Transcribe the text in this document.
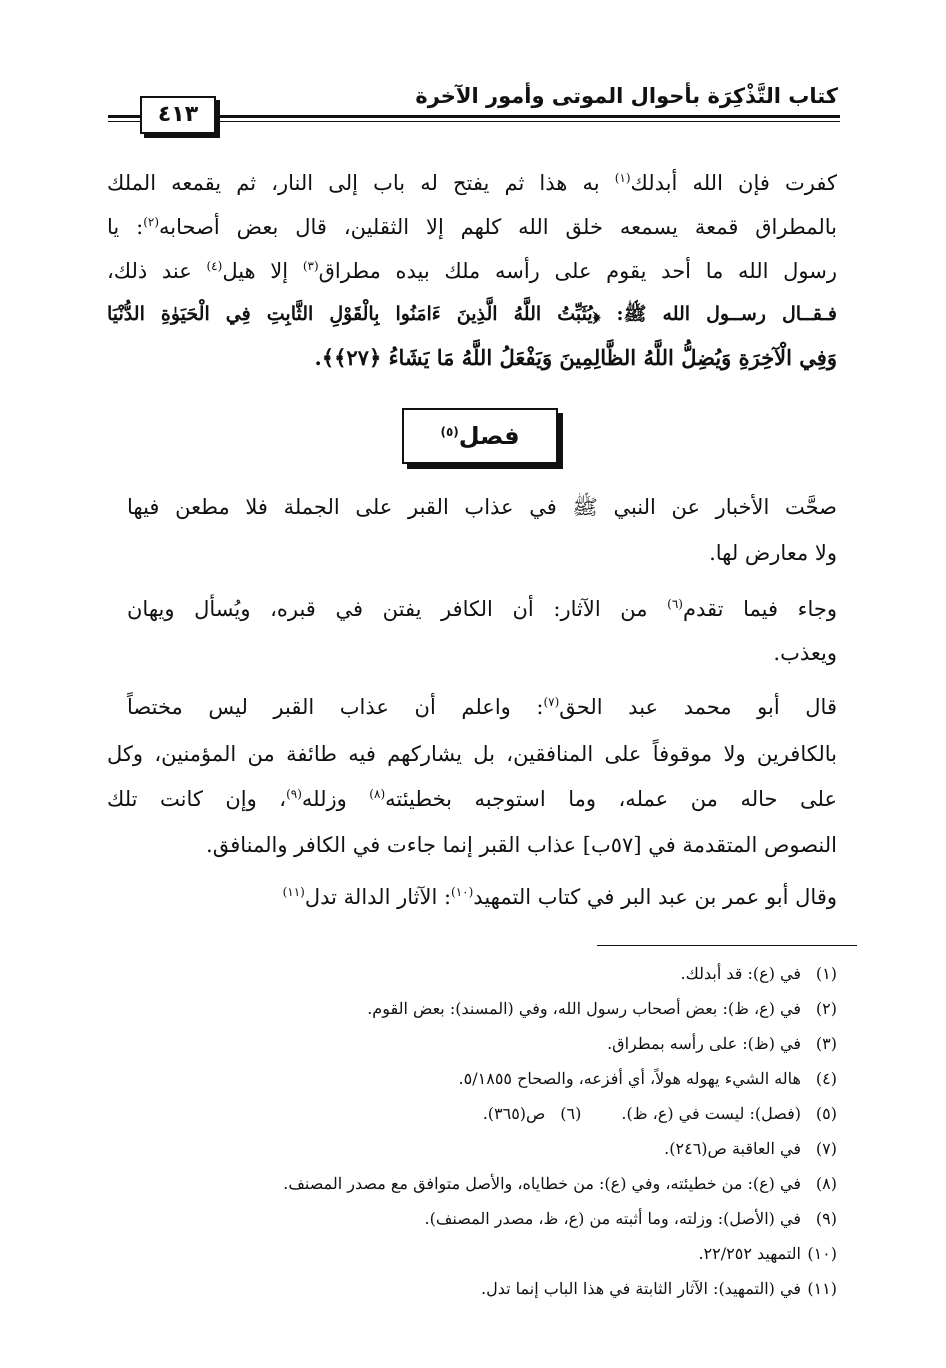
كتاب التَّذْكِرَة بأحوال الموتى وأمور الآخرة
٤١٣
كفرت فإن الله أبدلك$^{(١)}$ به هذا ثم يفتح له باب إلى النار، ثم يقمعه الملك
بالمطراق قمعة يسمعه خلق الله كلهم إلا الثقلين، قال بعض أصحابه$^{(٢)}$: يا
رسول الله ما أحد يقوم على رأسه ملك بيده مطراق$^{(٣)}$ إلا هيل$^{(٤)}$ عند ذلك،
فـقــال رســول الله ﷺ: ﴿يُثَبِّتُ اللَّهُ الَّذِينَ ءَامَنُوا بِالْقَوْلِ الثَّابِتِ فِي الْحَيَوٰةِ الدُّنْيَا
وَفِي الْآخِرَةِ وَيُضِلُّ اللَّهُ الظَّالِمِينَ وَيَفْعَلُ اللَّهُ مَا يَشَاءُ ﴿٢٧﴾﴾.
فصل$^{(٥)}$
صحَّت الأخبار عن النبي ﷺ في عذاب القبر على الجملة فلا مطعن فيها
ولا معارض لها.
وجاء فيما تقدم$^{(٦)}$ من الآثار: أن الكافر يفتن في قبره، ويُسأل ويهان
ويعذب.
قال أبو محمد عبد الحق$^{(٧)}$: واعلم أن عذاب القبر ليس مختصاً
بالكافرين ولا موقوفاً على المنافقين، بل يشاركهم فيه طائفة من المؤمنين، وكل
على حاله من عمله، وما استوجبه بخطيئته$^{(٨)}$ وزلله$^{(٩)}$، وإن كانت تلك
النصوص المتقدمة في [٥٧ب] عذاب القبر إنما جاءت في الكافر والمنافق.
وقال أبو عمر بن عبد البر في كتاب التمهيد$^{(١٠)}$: الآثار الدالة تدل$^{(١١)}$
(١)في (ع): قد أبدلك.
(٢)في (ع، ظ): بعض أصحاب رسول الله، وفي (المسند): بعض القوم.
(٣)في (ظ): على رأسه بمطراق.
(٤)هاله الشيء يهوله هولاً، أي أفزعه، والصحاح ٥/١٨٥٥.
(٥)(فصل): ليست في (ع، ظ).(٦)ص(٣٦٥).
(٧)في العاقبة ص(٢٤٦).
(٨)في (ع): من خطيئته، وفي (ع): من خطاياه، والأصل متوافق مع مصدر المصنف.
(٩)في (الأصل): وزلته، وما أثبته من (ع، ظ، مصدر المصنف).
(١٠)التمهيد ٢٢/٢٥٢.
(١١)في (التمهيد): الآثار الثابتة في هذا الباب إنما تدل.
